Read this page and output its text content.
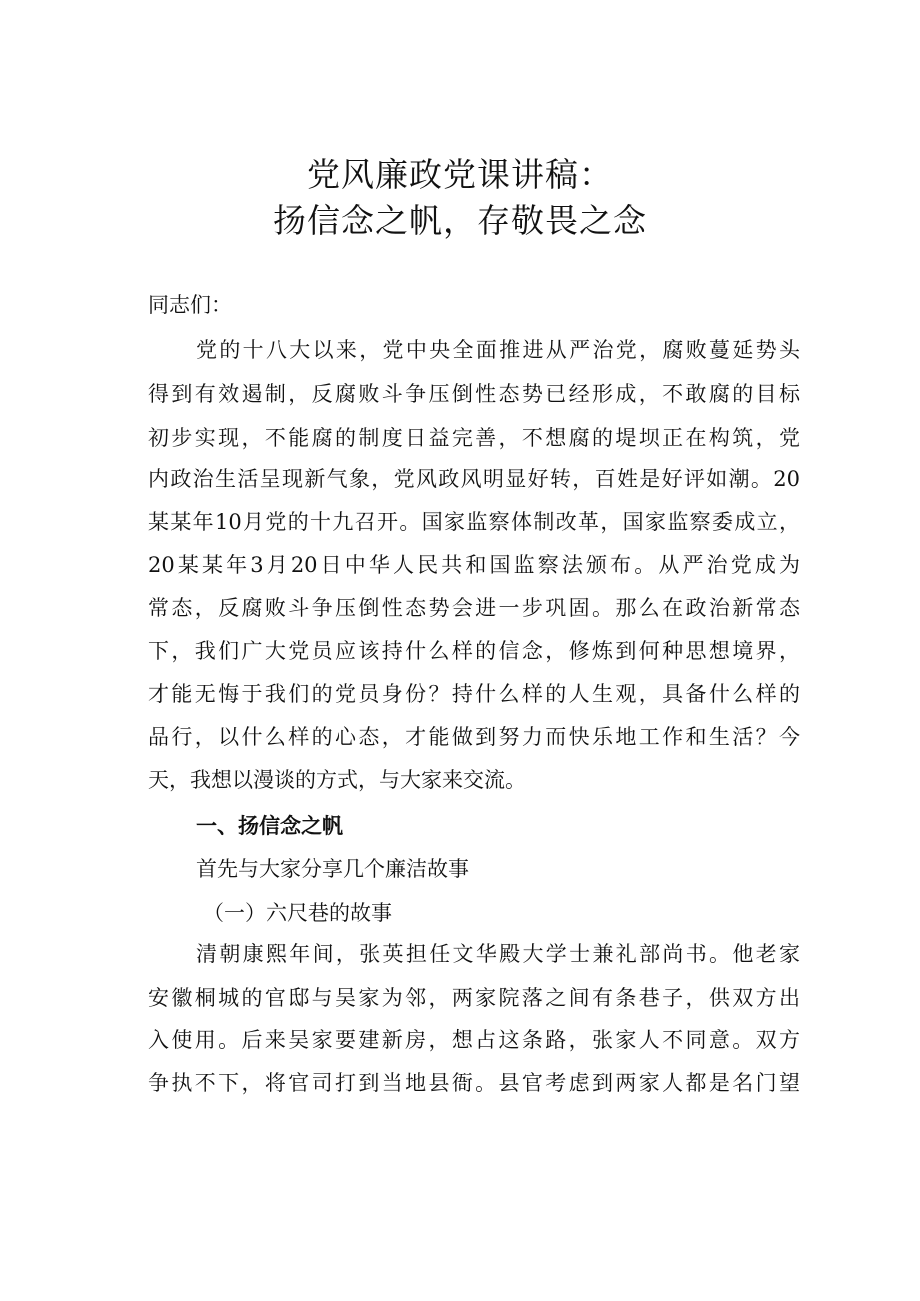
党风廉政党课讲稿：
扬信念之帆，存敬畏之念
同志们：
党的十八大以来，党中央全面推进从严治党，腐败蔓延势头
得到有效遏制，反腐败斗争压倒性态势已经形成，不敢腐的目标
初步实现，不能腐的制度日益完善，不想腐的堤坝正在构筑，党
内政治生活呈现新气象，党风政风明显好转，百姓是好评如潮。20
某某年10月党的十九召开。国家监察体制改革，国家监察委成立，
20某某年3月20日中华人民共和国监察法颁布。从严治党成为
常态，反腐败斗争压倒性态势会进一步巩固。那么在政治新常态
下，我们广大党员应该持什么样的信念，修炼到何种思想境界，
才能无悔于我们的党员身份？持什么样的人生观，具备什么样的
品行，以什么样的心态，才能做到努力而快乐地工作和生活？今
天，我想以漫谈的方式，与大家来交流。
一、扬信念之帆
首先与大家分享几个廉洁故事
（一）六尺巷的故事
清朝康熙年间，张英担任文华殿大学士兼礼部尚书。他老家
安徽桐城的官邸与吴家为邻，两家院落之间有条巷子，供双方出
入使用。后来吴家要建新房，想占这条路，张家人不同意。双方
争执不下，将官司打到当地县衙。县官考虑到两家人都是名门望
